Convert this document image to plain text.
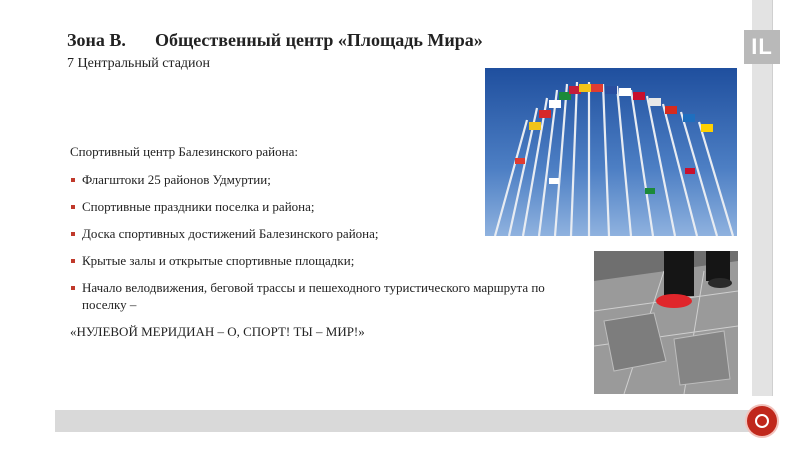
IL
Зона В. Общественный центр «Площадь Мира»
7 Центральный стадион

Спортивный центр Балезинского района:

Флагштоки 25 районов Удмуртии;
Спортивные праздники поселка и района;
Доска спортивных достижений Балезинского района;
Крытые залы и открытые спортивные площадки;
Начало велодвижения, беговой трассы и пешеходного туристического маршрута по поселку –

«НУЛЕВОЙ МЕРИДИАН – О, СПОРТ! ТЫ – МИР!»
